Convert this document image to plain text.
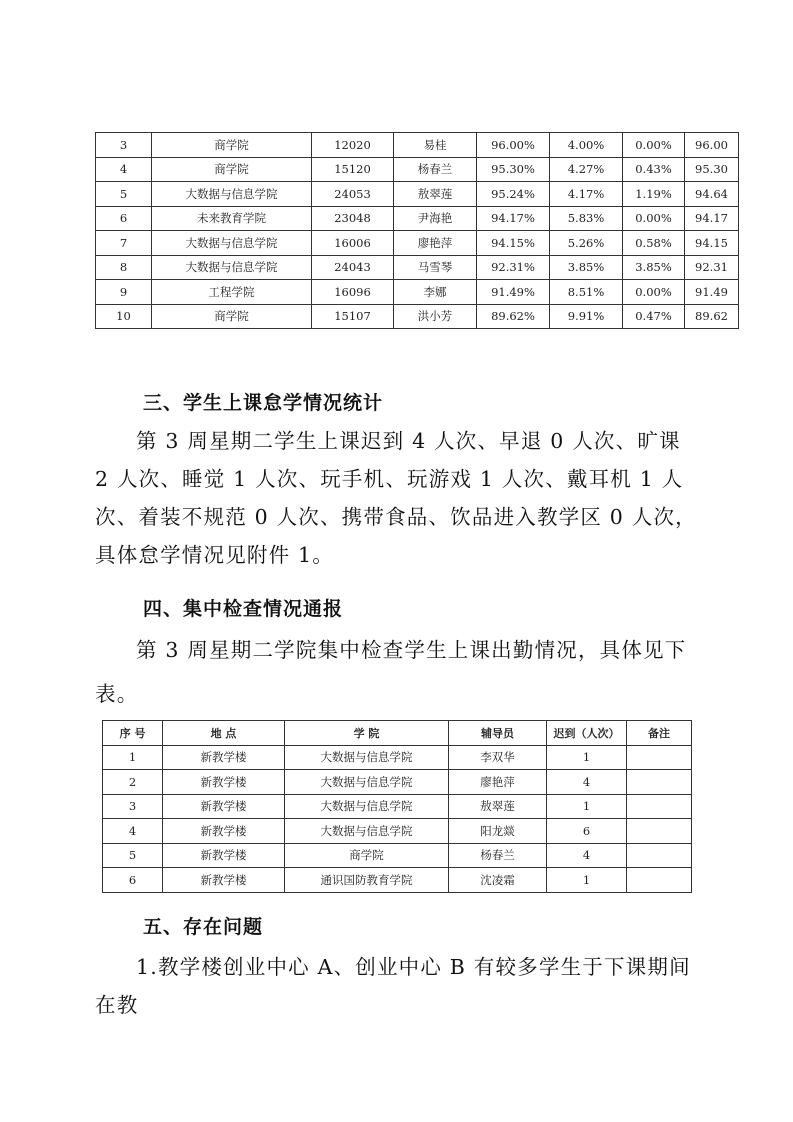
3	商学院	12020	易桂	96.00%	4.00%	0.00%	96.00
4	商学院	15120	杨春兰	95.30%	4.27%	0.43%	95.30
5	大数据与信息学院	24053	敖翠莲	95.24%	4.17%	1.19%	94.64
6	未来教育学院	23048	尹海艳	94.17%	5.83%	0.00%	94.17
7	大数据与信息学院	16006	廖艳萍	94.15%	5.26%	0.58%	94.15
8	大数据与信息学院	24043	马雪琴	92.31%	3.85%	3.85%	92.31
9	工程学院	16096	李娜	91.49%	8.51%	0.00%	91.49
10	商学院	15107	洪小芳	89.62%	9.91%	0.47%	89.62
三、学生上课怠学情况统计

第 3 周星期二学生上课迟到 4 人次、早退 0 人次、旷课 2 人次、睡觉 1 人次、玩手机、玩游戏 1 人次、戴耳机 1 人次、着装不规范 0 人次、携带食品、饮品进入教学区 0 人次，具体怠学情况见附件 1。

四、集中检查情况通报

第 3 周星期二学院集中检查学生上课出勤情况，具体见下表。

序 号	地 点	学 院	辅导员	迟到（人次）	备注
1	新教学楼	大数据与信息学院	李双华	1	
2	新教学楼	大数据与信息学院	廖艳萍	4	
3	新教学楼	大数据与信息学院	敖翠莲	1	
4	新教学楼	大数据与信息学院	阳龙燚	6	
5	新教学楼	商学院	杨春兰	4	
6	新教学楼	通识国防教育学院	沈凌霜	1	
五、存在问题

1.教学楼创业中心 A、创业中心 B 有较多学生于下课期间在教
